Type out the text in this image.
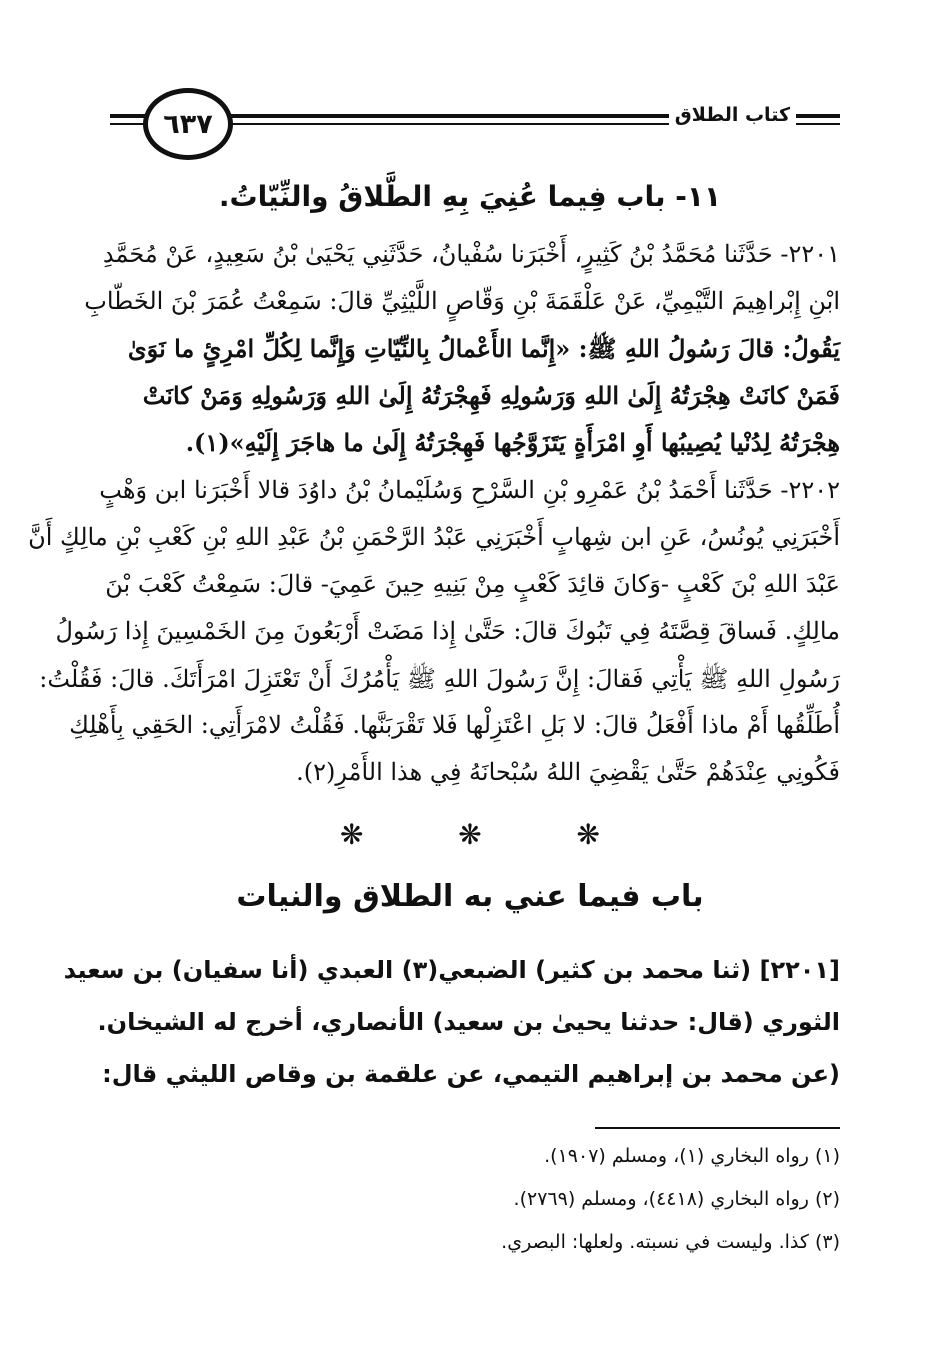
٦٣٧	كتاب الطلاق
١١- باب فِيما عُنِيَ بِهِ الطَّلاقُ والنِّيّاتُ.
٢٢٠١- حَدَّثَنا مُحَمَّدُ بْنُ كَثِيرٍ، أَخْبَرَنا سُفْيانُ، حَدَّثَنِي يَحْيَىٰ بْنُ سَعِيدٍ، عَنْ مُحَمَّدِ
ابْنِ إِبْراهِيمَ التَّيْمِيِّ، عَنْ عَلْقَمَةَ بْنِ وَقّاصٍ اللَّيْثِيِّ قالَ: سَمِعْتُ عُمَرَ بْنَ الخَطّابِ
يَقُولُ: قالَ رَسُولُ اللهِ ﷺ: «إِنَّما الأَعْمالُ بِالنِّيّاتِ وَإِنَّما لِكُلِّ امْرِئٍ ما نَوَىٰ
فَمَنْ كانَتْ هِجْرَتُهُ إِلَىٰ اللهِ وَرَسُولِهِ فَهِجْرَتُهُ إِلَىٰ اللهِ وَرَسُولِهِ وَمَنْ كانَتْ
هِجْرَتُهُ لِدُنْيا يُصِيبُها أَوِ امْرَأَةٍ يَتَزَوَّجُها فَهِجْرَتُهُ إِلَىٰ ما هاجَرَ إِلَيْهِ»(١).
٢٢٠٢- حَدَّثَنا أَحْمَدُ بْنُ عَمْرِو بْنِ السَّرْحِ وَسُلَيْمانُ بْنُ داوُدَ قالا أَخْبَرَنا ابن وَهْبٍ
أَخْبَرَنِي يُونُسُ، عَنِ ابن شِهابٍ أَخْبَرَنِي عَبْدُ الرَّحْمَنِ بْنُ عَبْدِ اللهِ بْنِ كَعْبِ بْنِ مالِكٍ أَنَّ
عَبْدَ اللهِ بْنَ كَعْبٍ -وَكانَ قائِدَ كَعْبٍ مِنْ بَنِيهِ حِينَ عَمِيَ- قالَ: سَمِعْتُ كَعْبَ بْنَ
مالِكٍ. فَساقَ قِصَّتَهُ فِي تَبُوكَ قالَ: حَتَّىٰ إِذا مَضَتْ أَرْبَعُونَ مِنَ الخَمْسِينَ إِذا رَسُولُ
رَسُولِ اللهِ ﷺ يَأْتِي فَقالَ: إِنَّ رَسُولَ اللهِ ﷺ يَأْمُرُكَ أَنْ تَعْتَزِلَ امْرَأَتَكَ. قالَ: فَقُلْتُ:
أُطَلِّقُها أَمْ ماذا أَفْعَلُ قالَ: لا بَلِ اعْتَزِلْها فَلا تَقْرَبَنَّها. فَقُلْتُ لامْرَأَتِي: الحَقِي بِأَهْلِكِ
فَكُونِي عِنْدَهُمْ حَتَّىٰ يَقْضِيَ اللهُ سُبْحانَهُ فِي هذا الأَمْرِ(٢).
❋	❋	❋
باب فيما عني به الطلاق والنيات
[٢٢٠١] (ثنا محمد بن كثير) الضبعي(٣) العبدي (أنا سفيان) بن سعيد
الثوري (قال: حدثنا يحيىٰ بن سعيد) الأنصاري، أخرج له الشيخان.
(عن محمد بن إبراهيم التيمي، عن علقمة بن وقاص الليثي قال:
(١) رواه البخاري (١)، ومسلم (١٩٠٧).
(٢) رواه البخاري (٤٤١٨)، ومسلم (٢٧٦٩).
(٣) كذا. وليست في نسبته. ولعلها: البصري.
